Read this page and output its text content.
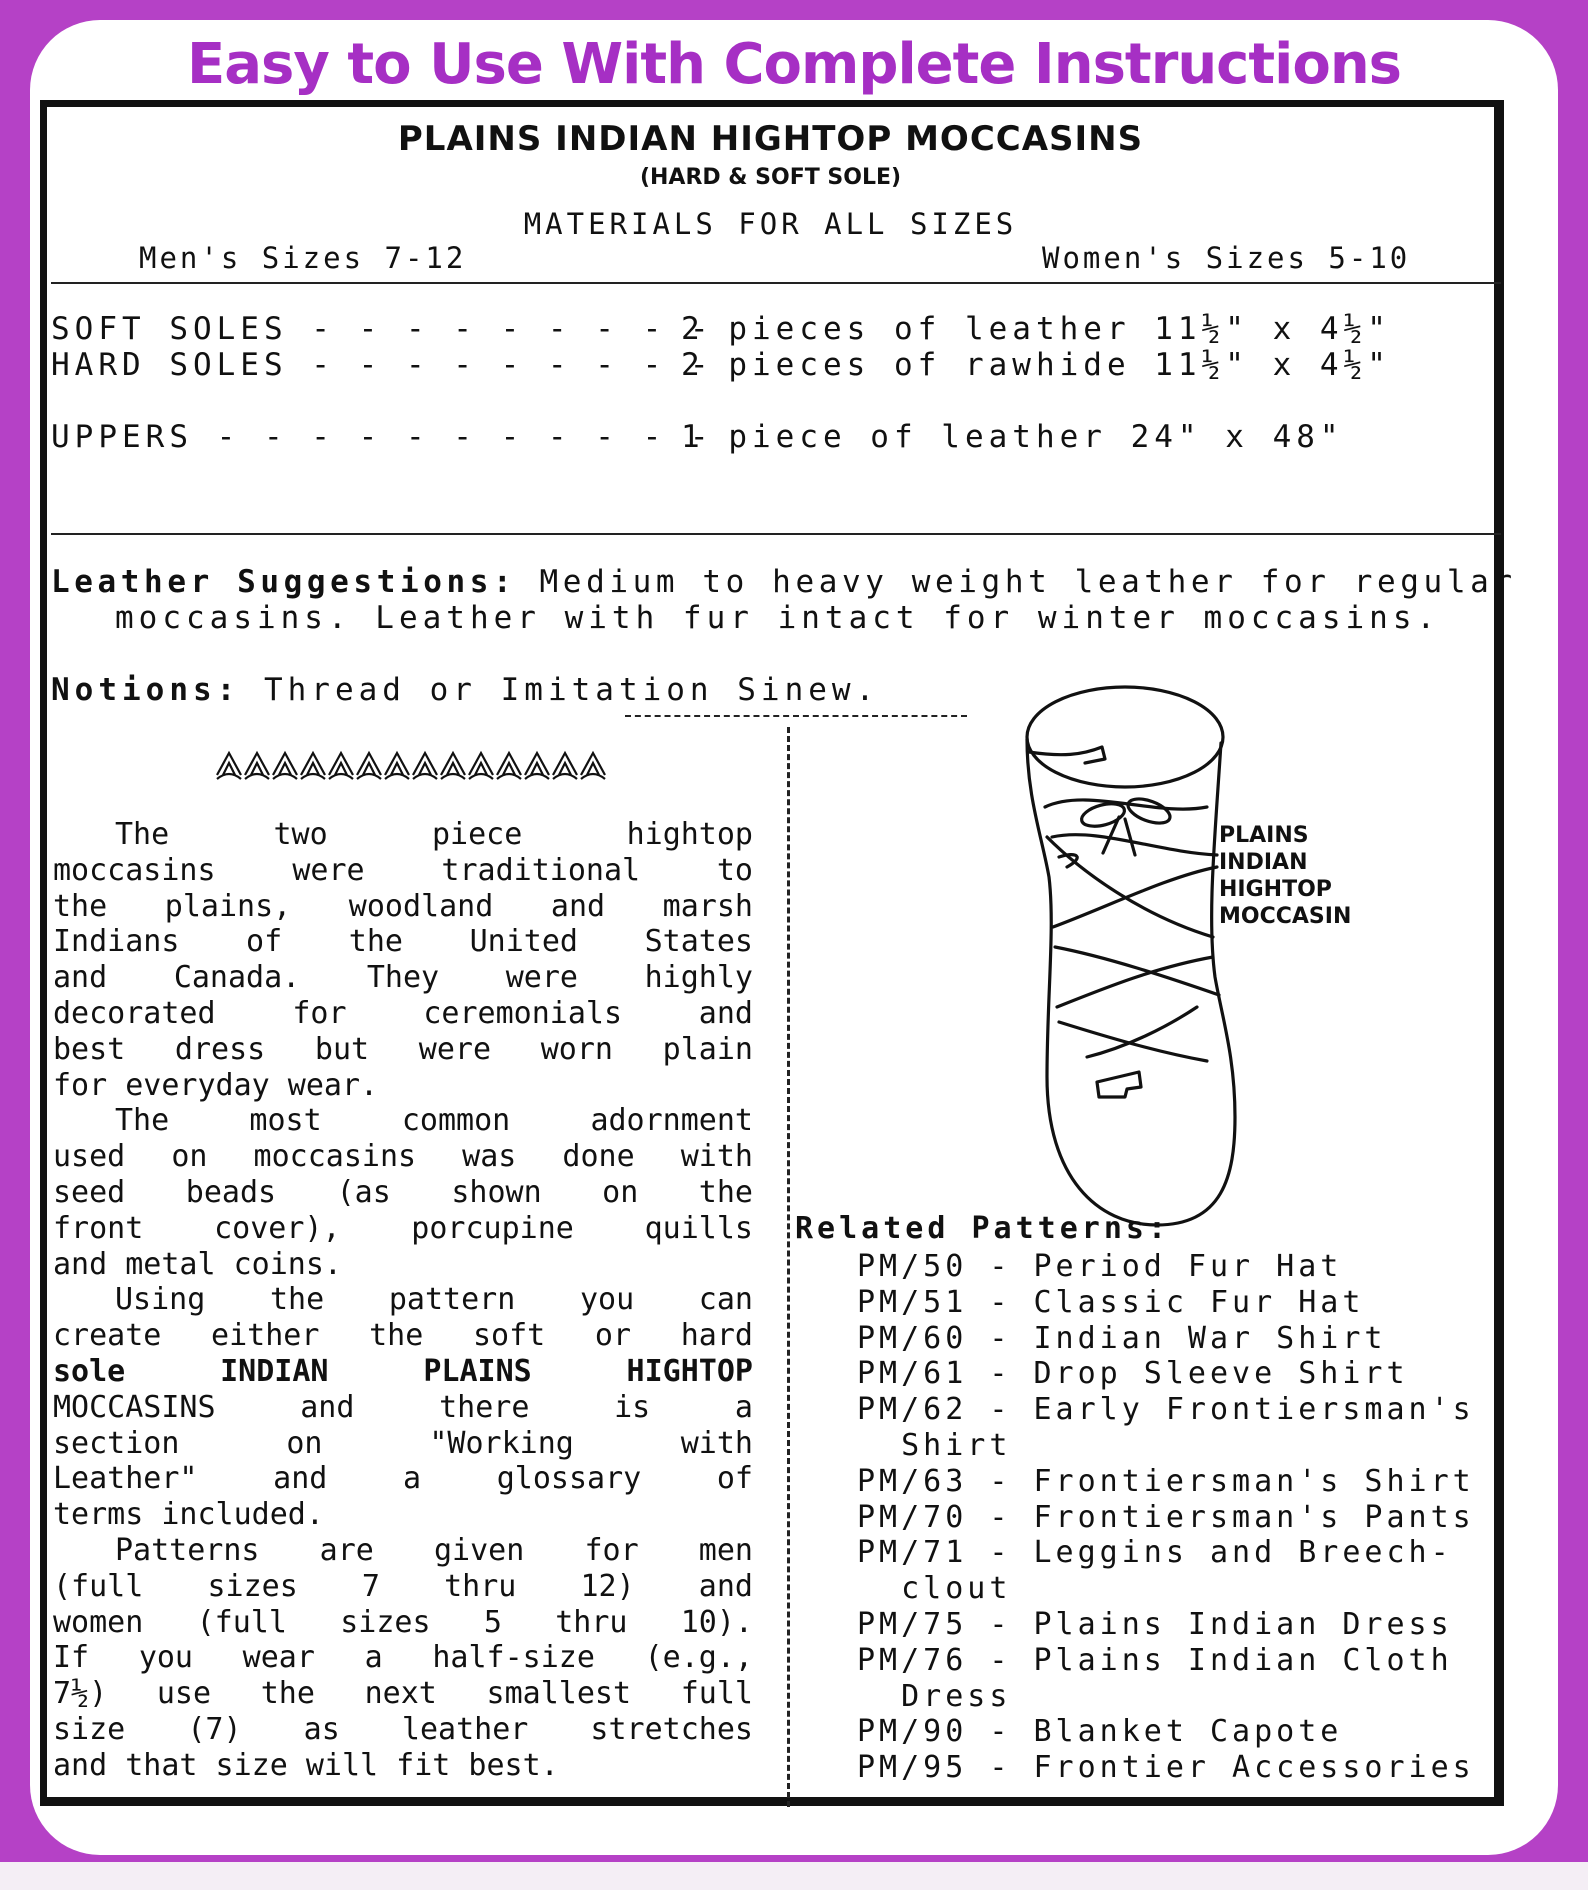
Easy to Use With Complete Instructions
PLAINS INDIAN HIGHTOP MOCCASINS
(HARD & SOFT SOLE)
MATERIALS FOR ALL SIZES
Men's Sizes 7-12	Women's Sizes 5-10
SOFT SOLES - - - - - - - - -
2 pieces of leather 11½" x 4½"
HARD SOLES - - - - - - - - -
2 pieces of rawhide 11½" x 4½"
UPPERS - - - - - - - - - - -
1 piece of leather 24" x 48"
Leather Suggestions: Medium to heavy weight leather for regular
moccasins. Leather with fur intact for winter moccasins.
Notions: Thread or Imitation Sinew.
The two piece hightop
moccasins were traditional to
the plains, woodland and marsh
Indians of the United States
and Canada. They were highly
decorated for ceremonials and
best dress but were worn plain
for everyday wear.
The most common adornment
used on moccasins was done with
seed beads (as shown on the
front cover), porcupine quills
and metal coins.
Using the pattern you can
create either the soft or hard
sole INDIAN PLAINS HIGHTOP
MOCCASINS and there is a
section on "Working with
Leather" and a glossary of
terms included.
Patterns are given for men
(full sizes 7 thru 12) and
women (full sizes 5 thru 10).
If you wear a half-size (e.g.,
7½) use the next smallest full
size (7) as leather stretches
and that size will fit best.
PLAINS
INDIAN
HIGHTOP
MOCCASIN
Related Patterns:
PM/50 - Period Fur Hat
PM/51 - Classic Fur Hat
PM/60 - Indian War Shirt
PM/61 - Drop Sleeve Shirt
PM/62 - Early Frontiersman's
Shirt
PM/63 - Frontiersman's Shirt
PM/70 - Frontiersman's Pants
PM/71 - Leggins and Breech-
clout
PM/75 - Plains Indian Dress
PM/76 - Plains Indian Cloth
Dress
PM/90 - Blanket Capote
PM/95 - Frontier Accessories
